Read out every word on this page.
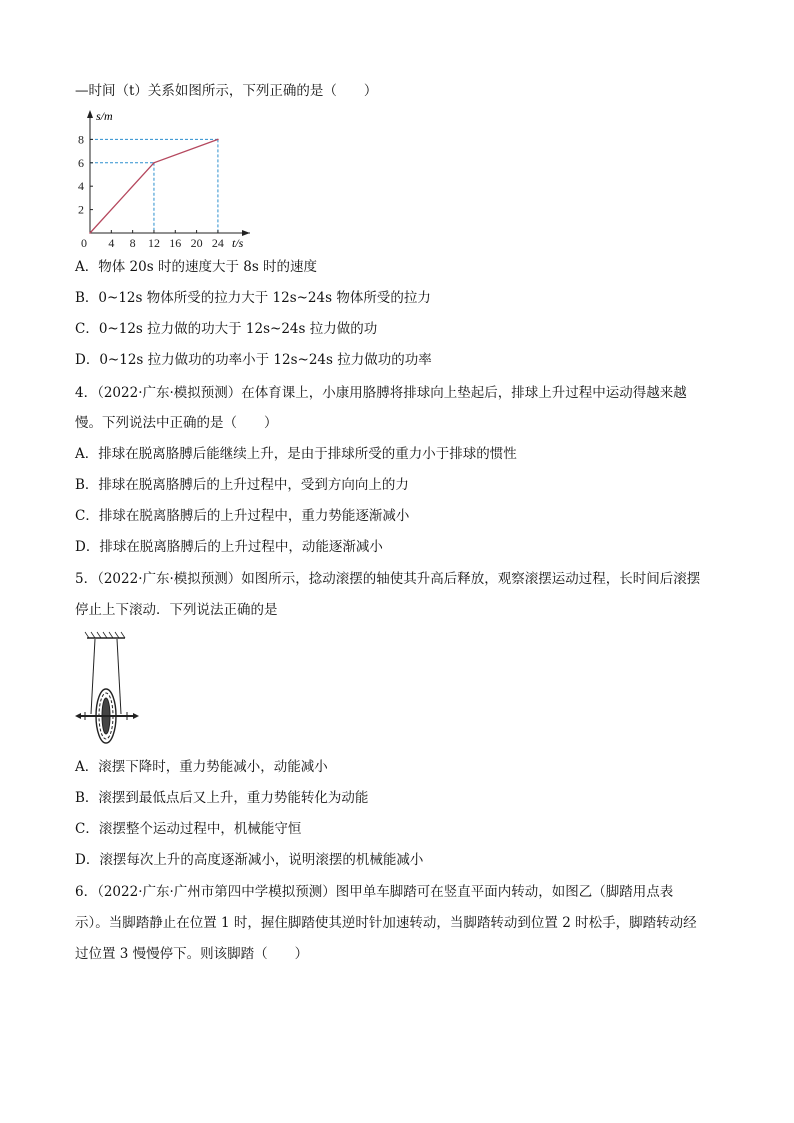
—时间（t）关系如图所示，下列正确的是（　　）
0 4 8 12 16 20 24
2
4
6
8
s/m
t/s
A．物体 20s 时的速度大于 8s 时的速度
B．0~12s 物体所受的拉力大于 12s~24s 物体所受的拉力
C．0~12s 拉力做的功大于 12s~24s 拉力做的功
D．0~12s 拉力做功的功率小于 12s~24s 拉力做功的功率
4．（2022·广东·模拟预测）在体育课上，小康用胳膊将排球向上垫起后，排球上升过程中运动得越来越
慢。下列说法中正确的是（　　）
A．排球在脱离胳膊后能继续上升，是由于排球所受的重力小于排球的惯性
B．排球在脱离胳膊后的上升过程中，受到方向向上的力
C．排球在脱离胳膊后的上升过程中，重力势能逐渐减小
D．排球在脱离胳膊后的上升过程中，动能逐渐减小
5．（2022·广东·模拟预测）如图所示，捻动滚摆的轴使其升高后释放，观察滚摆运动过程，长时间后滚摆
停止上下滚动．下列说法正确的是
A．滚摆下降时，重力势能减小，动能减小
B．滚摆到最低点后又上升，重力势能转化为动能
C．滚摆整个运动过程中，机械能守恒
D．滚摆每次上升的高度逐渐减小，说明滚摆的机械能减小
6．（2022·广东·广州市第四中学模拟预测）图甲单车脚踏可在竖直平面内转动，如图乙（脚踏用点表
示）。当脚踏静止在位置 1 时，握住脚踏使其逆时针加速转动，当脚踏转动到位置 2 时松手，脚踏转动经
过位置 3 慢慢停下。则该脚踏（　　）
